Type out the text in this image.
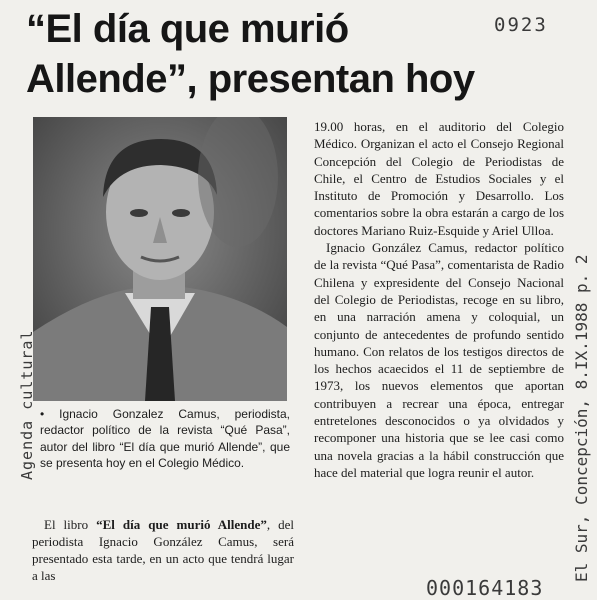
“El día que murió
Allende”, presentan hoy

• Ignacio Gonzalez Camus, periodista, redactor político de la revista “Qué Pasa”, autor del libro “El día que murió Allende”, que se presenta hoy en el Colegio Médico.

El libro “El día que murió Allende”, del periodista Ignacio González Camus, será presentado esta tarde, en un acto que tendrá lugar a las

19.00 horas, en el auditorio del Colegio Médico. Organizan el acto el Consejo Regional Concepción del Colegio de Periodistas de Chile, el Centro de Estudios Sociales y el Instituto de Promoción y Desarrollo. Los comentarios sobre la obra estarán a cargo de los doctores Mariano Ruiz-Esquide y Ariel Ulloa.

Ignacio González Camus, redactor político de la revista “Qué Pasa”, comentarista de Radio Chilena y expresidente del Consejo Nacional del Colegio de Periodistas, recoge en su libro, en una narración amena y coloquial, un conjunto de antecedentes de profundo sentido humano. Con relatos de los testigos directos de los hechos acaecidos el 11 de septiembre de 1973, los nuevos elementos que aportan contribuyen a recrear una época, entregar entretelones desconocidos o ya olvidados y recomponer una historia que se lee casi como una novela gracias a la hábil construcción que hace del material que logra reunir el autor.

0923
000164183
Agenda cultural	El Sur, Concepción, 8.IX.1988 p. 2
